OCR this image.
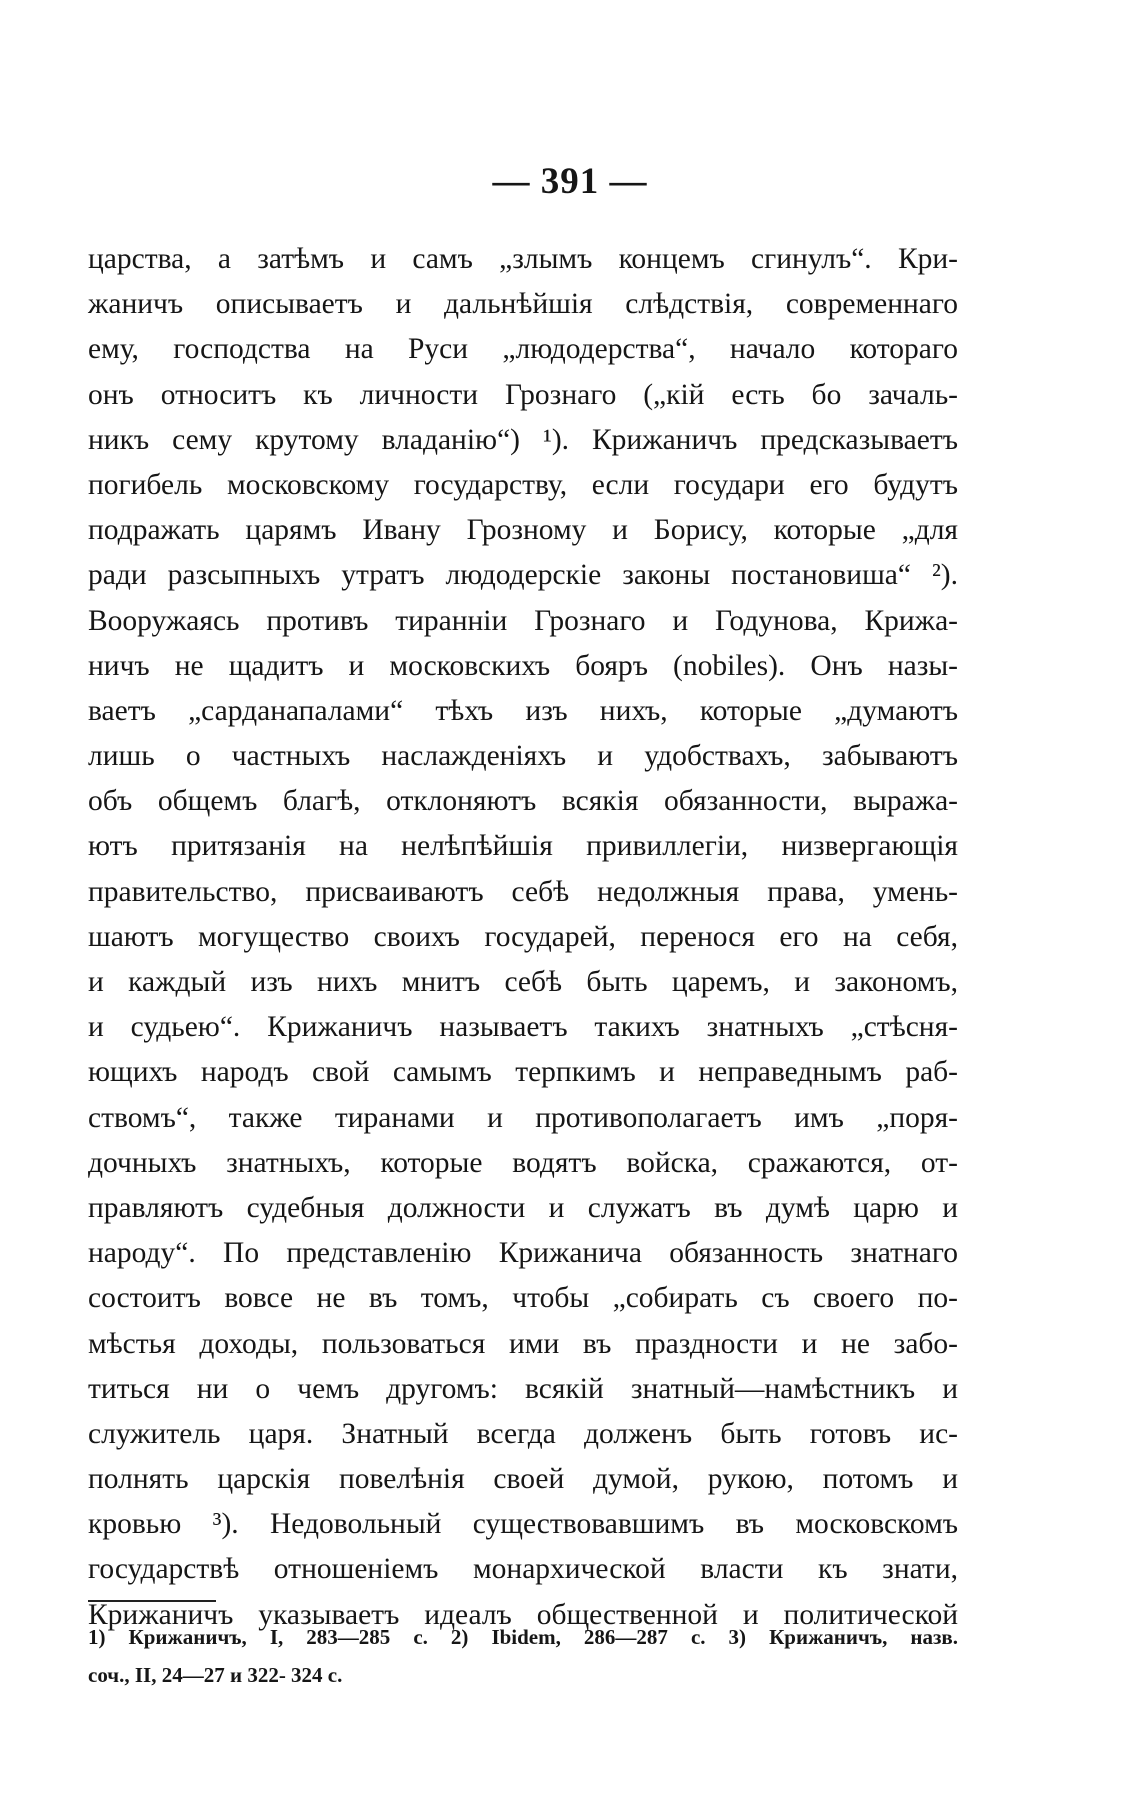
— 391 —
царства, а затѣмъ и самъ „злымъ концемъ сгинулъ“. Кри-
жаничъ описываетъ и дальнѣйшія слѣдствія, современнаго
ему, господства на Руси „людодерства“, начало котораго
онъ относитъ къ личности Грознаго („кій есть бо зачаль-
никъ сему крутому владанію“) ¹). Крижаничъ предсказываетъ
погибель московскому государству, если государи его будутъ
подражать царямъ Ивану Грозному и Борису, которые „для
ради разсыпныхъ утратъ людодерскіе законы постановиша“ ²).
Вооружаясь противъ тиранніи Грознаго и Годунова, Крижа-
ничъ не щадитъ и московскихъ бояръ (nobiles). Онъ назы-
ваетъ „сарданапалами“ тѣхъ изъ нихъ, которые „думаютъ
лишь о частныхъ наслажденіяхъ и удобствахъ, забываютъ
объ общемъ благѣ, отклоняютъ всякія обязанности, выража-
ютъ притязанія на нелѣпѣйшія привиллегіи, низвергающія
правительство, присваиваютъ себѣ недолжныя права, умень-
шаютъ могущество своихъ государей, перенося его на себя,
и каждый изъ нихъ мнитъ себѣ быть царемъ, и закономъ,
и судьею“. Крижаничъ называетъ такихъ знатныхъ „стѣсня-
ющихъ народъ свой самымъ терпкимъ и неправеднымъ раб-
ствомъ“, также тиранами и противополагаетъ имъ „поря-
дочныхъ знатныхъ, которые водятъ войска, сражаются, от-
правляютъ судебныя должности и служатъ въ думѣ царю и
народу“. По представленію Крижанича обязанность знатнаго
состоитъ вовсе не въ томъ, чтобы „собирать съ своего по-
мѣстья доходы, пользоваться ими въ праздности и не забо-
титься ни о чемъ другомъ: всякій знатный—намѣстникъ и
служитель царя. Знатный всегда долженъ быть готовъ ис-
полнять царскія повелѣнія своей думой, рукою, потомъ и
кровью ³). Недовольный существовавшимъ въ московскомъ
государствѣ отношеніемъ монархической власти къ знати,
Крижаничъ указываетъ идеалъ общественной и политической
1) Крижаничъ, I, 283—285 с. 2) Ibidem, 286—287 с. 3) Крижаничъ, назв.
соч., II, 24—27 и 322- 324 с.
